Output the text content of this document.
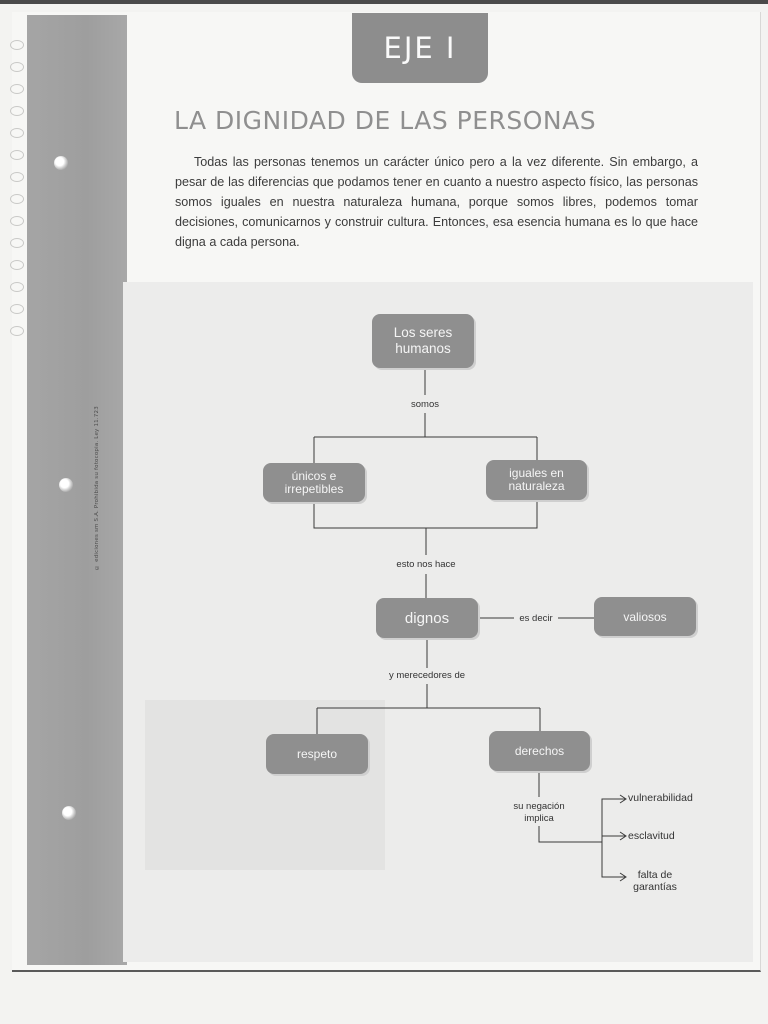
© ediciones sm S.A. Prohibida su fotocopia. Ley 11.723
EJE I
LA DIGNIDAD DE LAS PERSONAS

Todas las personas tenemos un carácter único pero a la vez diferente. Sin embargo, a pesar de las diferencias que podamos tener en cuanto a nuestro aspecto físico, las personas somos iguales en nuestra naturaleza humana, porque somos libres, podemos tomar decisiones, comunicarnos y construir cultura. Entonces, esa esencia humana es lo que hace digna a cada persona.

Los seres humanos
somos
únicos e irrepetibles
iguales en naturaleza
esto nos hace
dignos	es decir	valiosos
y merecedores de
respeto	derechos
su negación implica
vulnerabilidad
esclavitud
falta de garantías
